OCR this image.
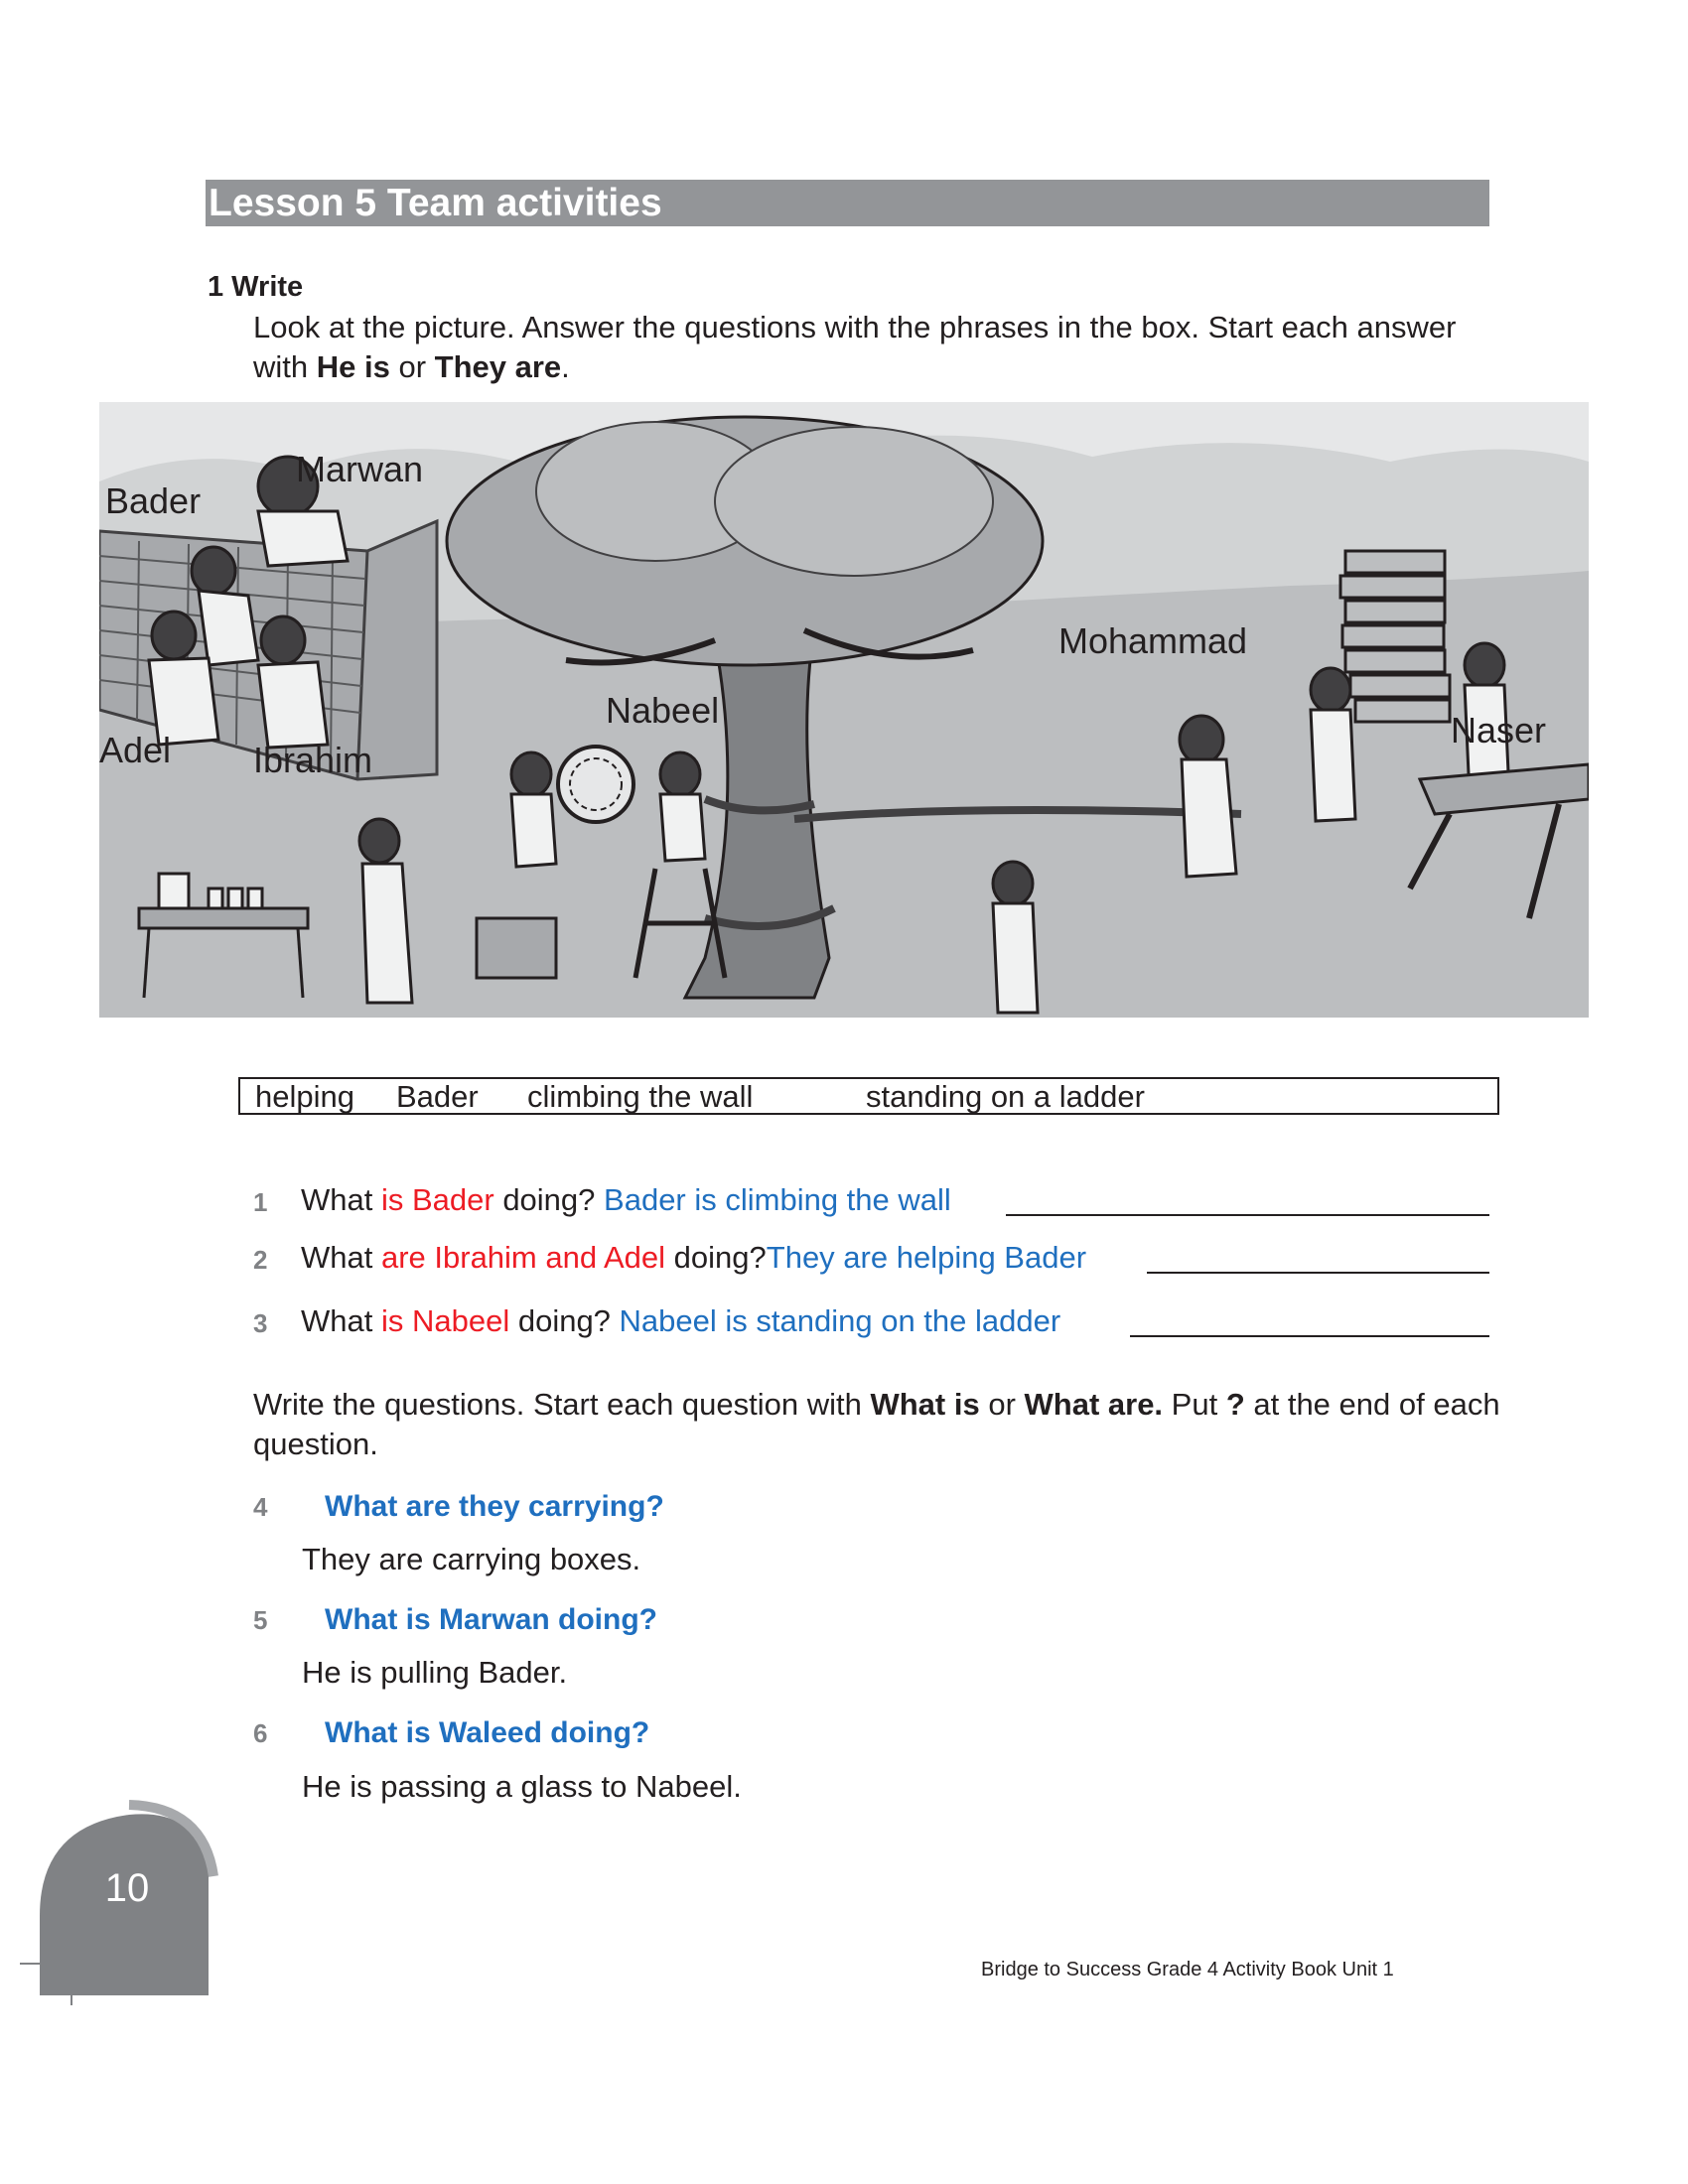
Lesson 5 Team activities
1 Write
Look at the picture. Answer the questions with the phrases in the box. Start each answer with He is or They are.
Bader
Marwan
Adel Ibrahim
Nabeel
Mohammad
Naser
helping Bader climbing the wall	standing on a ladder
1 What is Bader doing? Bader is climbing the wall
2 What are Ibrahim and Adel doing?They are helping Bader
3 What is Nabeel doing? Nabeel is standing on the ladder
Write the questions. Start each question with What is or What are. Put ? at the end of each question.
4 What are they carrying?
They are carrying boxes.
5 What is Marwan doing?
He is pulling Bader.
6 What is Waleed doing?
He is passing a glass to Nabeel.
10
Bridge to Success Grade 4 Activity Book Unit 1
